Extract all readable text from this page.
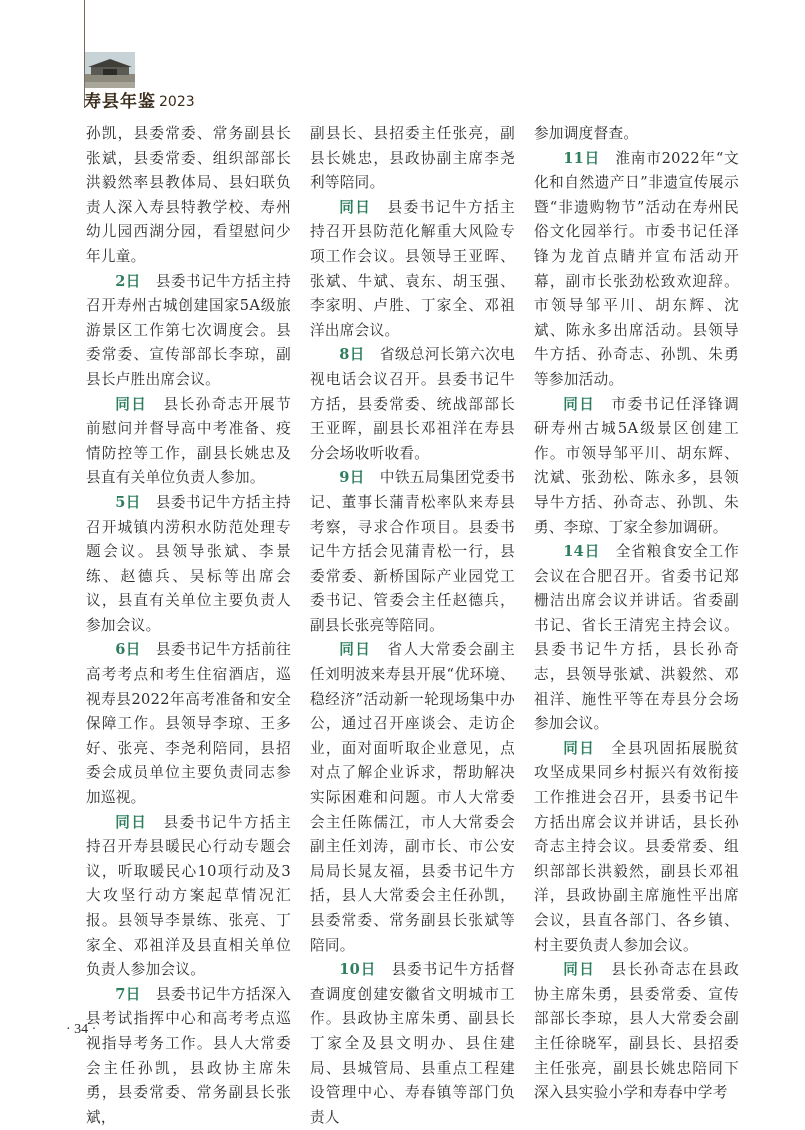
寿县年鉴 2023

孙凯，县委常委、常务副县长张斌，县委常委、组织部部长洪毅然率县教体局、县妇联负责人深入寿县特教学校、寿州幼儿园西湖分园，看望慰问少年儿童。

2日  县委书记牛方括主持召开寿州古城创建国家5A级旅游景区工作第七次调度会。县委常委、宣传部部长李琼，副县长卢胜出席会议。

同日  县长孙奇志开展节前慰问并督导高中考准备、疫情防控等工作，副县长姚忠及县直有关单位负责人参加。

5日  县委书记牛方括主持召开城镇内涝积水防范处理专题会议。县领导张斌、李景练、赵德兵、吴标等出席会议，县直有关单位主要负责人参加会议。

6日  县委书记牛方括前往高考考点和考生住宿酒店，巡视寿县2022年高考准备和安全保障工作。县领导李琼、王多好、张亮、李尧利陪同，县招委会成员单位主要负责同志参加巡视。

同日  县委书记牛方括主持召开寿县暖民心行动专题会议，听取暖民心10项行动及3大攻坚行动方案起草情况汇报。县领导李景练、张亮、丁家全、邓祖洋及县直相关单位负责人参加会议。

7日  县委书记牛方括深入县考试指挥中心和高考考点巡视指导考务工作。县人大常委会主任孙凯，县政协主席朱勇，县委常委、常务副县长张斌，

副县长、县招委主任张亮，副县长姚忠，县政协副主席李尧利等陪同。

同日  县委书记牛方括主持召开县防范化解重大风险专项工作会议。县领导王亚晖、张斌、牛斌、袁东、胡玉强、李家明、卢胜、丁家全、邓祖洋出席会议。

8日  省级总河长第六次电视电话会议召开。县委书记牛方括，县委常委、统战部部长王亚晖，副县长邓祖洋在寿县分会场收听收看。

9日  中铁五局集团党委书记、董事长蒲青松率队来寿县考察，寻求合作项目。县委书记牛方括会见蒲青松一行，县委常委、新桥国际产业园党工委书记、管委会主任赵德兵，副县长张亮等陪同。

同日  省人大常委会副主任刘明波来寿县开展“优环境、稳经济”活动新一轮现场集中办公，通过召开座谈会、走访企业，面对面听取企业意见，点对点了解企业诉求，帮助解决实际困难和问题。市人大常委会主任陈儒江，市人大常委会副主任刘涛，副市长、市公安局局长晁友福，县委书记牛方括，县人大常委会主任孙凯，县委常委、常务副县长张斌等陪同。

10日  县委书记牛方括督查调度创建安徽省文明城市工作。县政协主席朱勇、副县长丁家全及县文明办、县住建局、县城管局、县重点工程建设管理中心、寿春镇等部门负责人

参加调度督查。

11日  淮南市2022年“文化和自然遗产日”非遗宣传展示暨“非遗购物节”活动在寿州民俗文化园举行。市委书记任泽锋为龙首点睛并宣布活动开幕，副市长张劲松致欢迎辞。市领导邹平川、胡东辉、沈斌、陈永多出席活动。县领导牛方括、孙奇志、孙凯、朱勇等参加活动。

同日  市委书记任泽锋调研寿州古城5A级景区创建工作。市领导邹平川、胡东辉、沈斌、张劲松、陈永多，县领导牛方括、孙奇志、孙凯、朱勇、李琼、丁家全参加调研。

14日  全省粮食安全工作会议在合肥召开。省委书记郑栅洁出席会议并讲话。省委副书记、省长王清宪主持会议。县委书记牛方括，县长孙奇志，县领导张斌、洪毅然、邓祖洋、施性平等在寿县分会场参加会议。

同日  全县巩固拓展脱贫攻坚成果同乡村振兴有效衔接工作推进会召开，县委书记牛方括出席会议并讲话，县长孙奇志主持会议。县委常委、组织部部长洪毅然，副县长邓祖洋，县政协副主席施性平出席会议，县直各部门、各乡镇、村主要负责人参加会议。

同日  县长孙奇志在县政协主席朱勇，县委常委、宣传部部长李琼，县人大常委会副主任徐晓军，副县长、县招委主任张亮，副县长姚忠陪同下深入县实验小学和寿春中学考

· 34 ·
